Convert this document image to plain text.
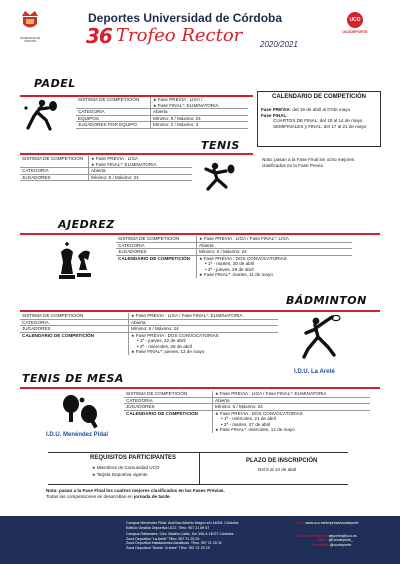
UNIVERSIDAD DE CÓRDOBA
Deportes Universidad de Córdoba
36 Trofeo Rector 2020/2021
UCO
UCODEPORTE
PADEL
SISTEMA DE COMPETICIÓN	★ Fase PREVIA : LIGA /
★ Fase FINAL*: ELIMINATORIA

CATEGORIA	Abierta
EQUIPOS	Mínimo: 8 / Máximo: 24
JUGADORES POR EQUIPO	Mínimo: 2 / Máximo: 3
CALENDARIO DE COMPETICIÓN
Fase PREVIA: del 19 de abril al 07de mayo
Fase FINAL:
CUARTOS DE FINAL: del 10 al 14 de mayo
SEMIFINALES y FINAL: del 17 al 21 de mayo
Nota: pasan a la Fase Final los ocho mejores clasificados en la Fase Previa
TENIS
SISTEMA DE COMPETICIÓN	★ Fase PREVIA : LIGA
★ Fase FINAL*: ELIMINATORIA

CATEGORIA	Abierta
JUGADORES	Mínimo: 8 / Máximo: 24
AJEDREZ
SISTEMA DE COMPETICIÓN	★ Fase PREVIA : LIGA / Fase FINAL*: LIGA
CATEGORIA	Abierta
JUGADORES	Mínimo: 6 / Máximo: 24
CALENDARIO DE COMPETICIÓN	★ Fase PREVIA : DOS CONVOCATORIAS
• 1ª - martes, 20 de abril
• 2ª - jueves, 29 de abril
★ Fase FINAL*: martes, 11 de mayo
BÁDMINTON
SISTEMA DE COMPETICIÓN	★ Fase PREVIA : LIGA / Fase FINAL*: ELIMINATORIA
CATEGORIA	Abierta
JUGADORES	Mínimo: 6 / Máximo: 24
CALENDARIO DE COMPETICIÓN	★ Fase PREVIA : DOS CONVOCATORIAS
• 1ª - jueves, 22 de abril
• 2ª - miércoles, 28 de abril
★ Fase FINAL*: jueves, 13 de mayo
I.D.U. La Areté
TENIS DE MESA
I.D.U. Menéndez Pidal
SISTEMA DE COMPETICIÓN	★ Fase PREVIA : LIGA / Fase FINAL*: ELIMINATORIA
CATEGORIA	Abierta
JUGADORES	Mínimo: 6 / Máximo: 24
CALENDARIO DE COMPETICIÓN	★ Fase PREVIA : DOS CONVOCATORIAS
• 1ª - miércoles, 21 de abril
• 2ª - martes, 27 de abril
★ Fase FINAL*: miércoles, 12 de mayo
REQUISITOS PARTICIPANTES
★ Miembros de Comunidad UCO
★ Tarjeta Deportiva vigente
PLAZO DE INSCRIPCIÓN
Del 5 al 13 de abril
Nota: pasan a la Fase Final los cuatros mejores clasificados en las Fases Previas.
Todas las competiciones se desarrollan en jornada de tarde.
Campus Menéndez Pidal. Avd/San Alberto Magno s/n 14004. Córdoba.
Edificio Gestión Deportiva UCO. Tlfno. 957 21 89 67
Campus Rabanales. Ctra. Madrid-Cádiz, Km 396-A 14071 Córdoba.
Zona Deportiva "La Areté" Tlfno. 957 21 25 25
Zona Deportiva Instalaciones Acuáticas. Tlfno. 957 21 25 31
Zona Deportiva "Monte. Cranes" Tlfno. 957 21 25 15
Web: www.uco.es/empresa/ucodeporte
Correo información: deportes@uco.es
Twitter: @Ucodeporte_
Facebook: @ucodeporte
